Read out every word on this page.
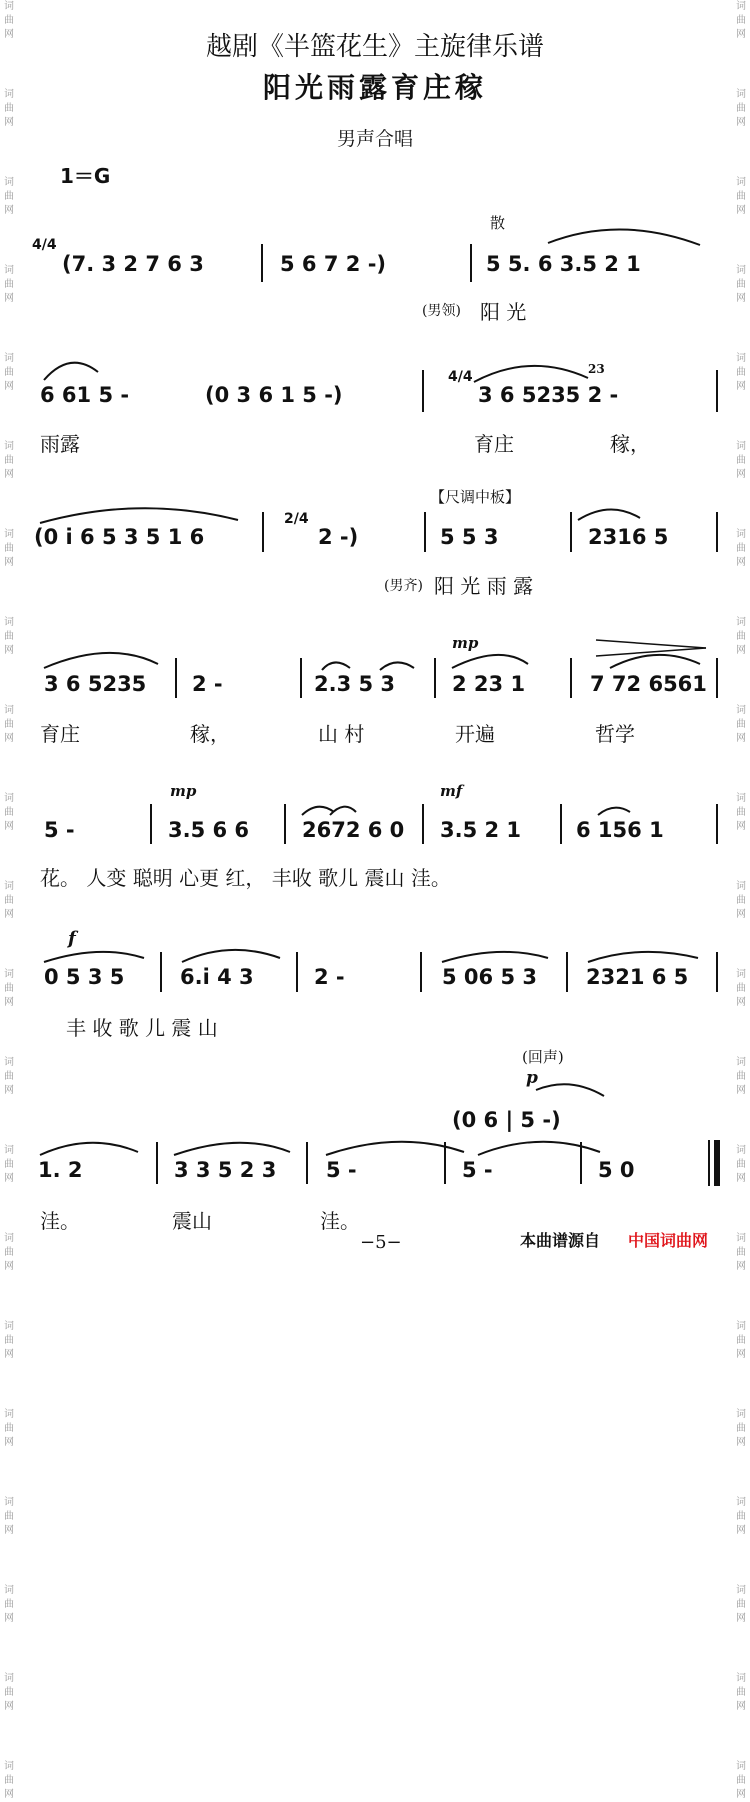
词曲网
词曲网
词曲网
词曲网
词曲网
词曲网
词曲网
词曲网
词曲网
词曲网
词曲网
词曲网
词曲网
词曲网
词曲网
词曲网
词曲网
词曲网
词曲网
词曲网
词曲网
词曲网
词曲网
词曲网
词曲网
词曲网
词曲网
词曲网
词曲网
词曲网
词曲网
词曲网
词曲网
词曲网
词曲网
词曲网
词曲网
词曲网
词曲网
词曲网
词曲网
词曲网
越剧《半篮花生》主旋律乐谱
阳光雨露育庄稼
男声合唱
1＝G
4/4
(7. 3 2 7 6 3	5 6 7 2 -)
散
5 5. 6 3.5 2 1
(男领) 阳 光
6 61 5 -	(0 3 6 1 5 -)
4/4
3 6 5235 2 -
23
雨露	育庄	稼，
(0 i 6 5 3 5 1 6
2/4
2 -)
【尺调中板】
5 5 3	2316 5
(男齐) 阳 光 雨 露
3 6 5235 2 -	2.3 5 3
mp
2 23 1	7 72 6561
育庄	稼，	山 村	开遍	哲学
5 -
mp
3.5 6 6	2672 6 0
mf
3.5 2 1	6 156 1
花。 人变 聪明 心更 红， 丰收 歌儿 震山 洼。
f
0 5 3 5	6.i 4 3	2 -	5 06 5 3 2321 6 5
丰 收 歌 儿 震 山
(回声)
p
(0 6 | 5 -)
1. 2	3 3 5 2 3 5 -	5 -	5 0
洼。	震山	洼。
−5−	本曲谱源自 中国词曲网
